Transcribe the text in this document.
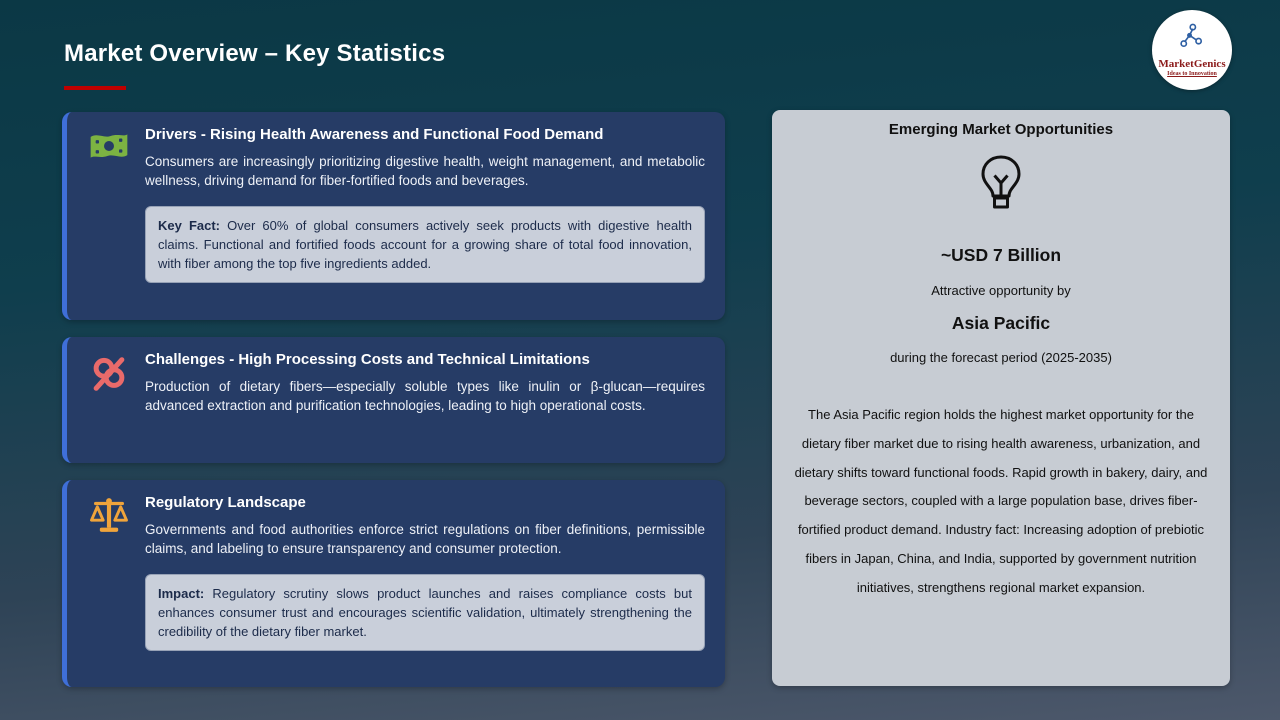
Market Overview – Key Statistics	MarketGenics
Ideas to Innovation
Drivers - Rising Health Awareness and Functional Food Demand
Consumers are increasingly prioritizing digestive health, weight management, and metabolic wellness, driving demand for fiber-fortified foods and beverages.
Key Fact: Over 60% of global consumers actively seek products with digestive health claims. Functional and fortified foods account for a growing share of total food innovation, with fiber among the top five ingredients added.
Challenges - High Processing Costs and Technical Limitations
Production of dietary fibers—especially soluble types like inulin or β-glucan—requires advanced extraction and purification technologies, leading to high operational costs.
Regulatory Landscape
Governments and food authorities enforce strict regulations on fiber definitions, permissible claims, and labeling to ensure transparency and consumer protection.
Impact: Regulatory scrutiny slows product launches and raises compliance costs but enhances consumer trust and encourages scientific validation, ultimately strengthening the credibility of the dietary fiber market.
Emerging Market Opportunities
~USD 7 Billion
Attractive opportunity by
Asia Pacific
during the forecast period (2025-2035)
The Asia Pacific region holds the highest market opportunity for the dietary fiber market due to rising health awareness, urbanization, and dietary shifts toward functional foods. Rapid growth in bakery, dairy, and beverage sectors, coupled with a large population base, drives fiber-fortified product demand. Industry fact: Increasing adoption of prebiotic fibers in Japan, China, and India, supported by government nutrition initiatives, strengthens regional market expansion.
